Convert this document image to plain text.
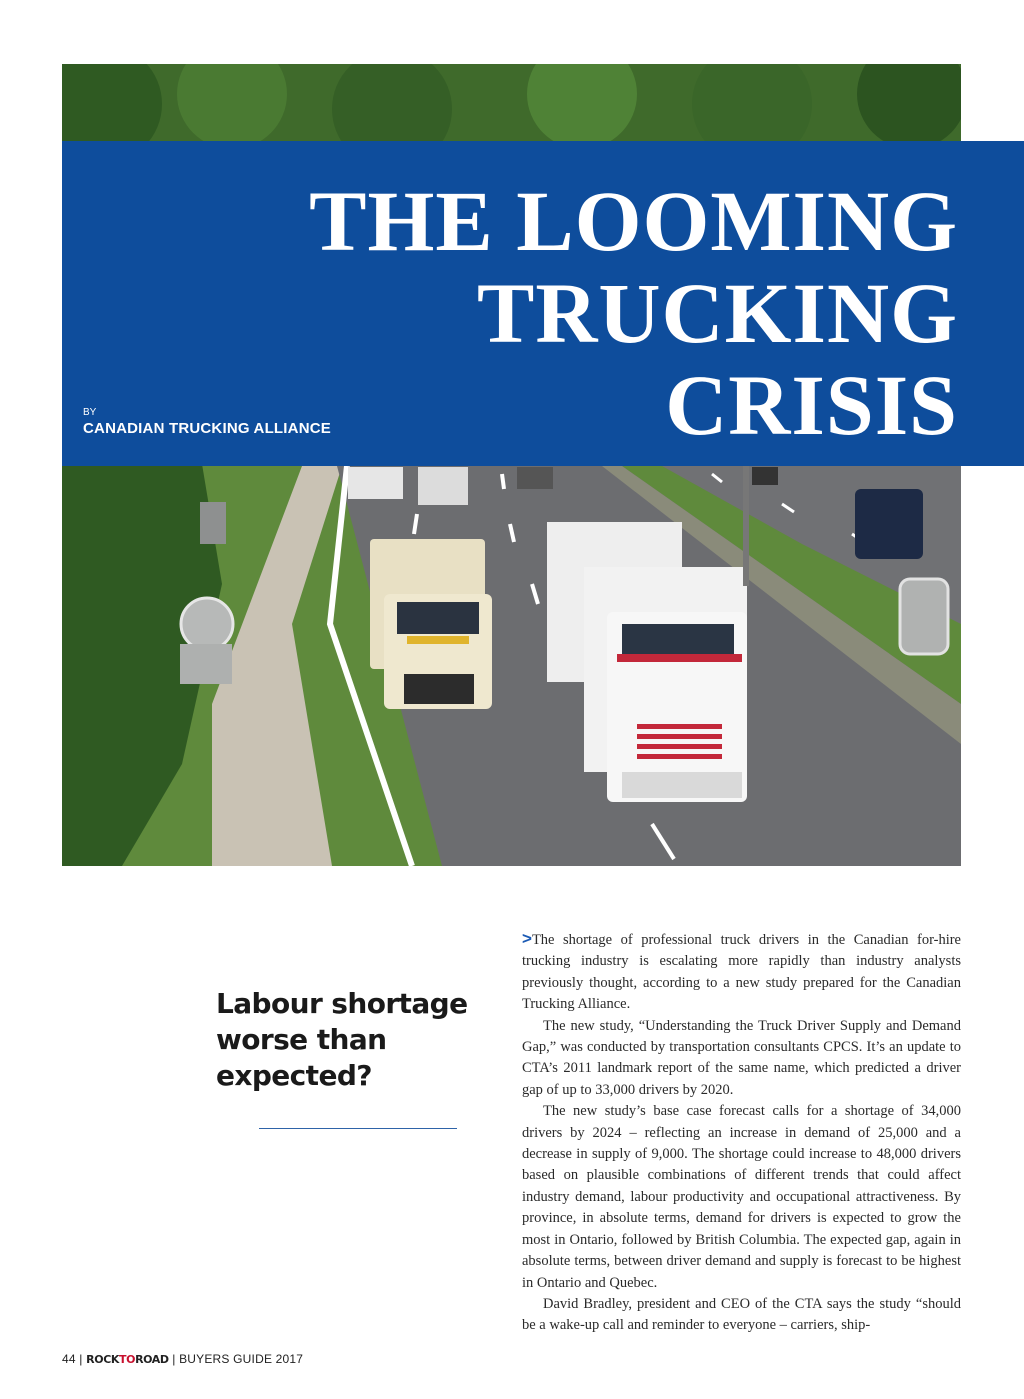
THE LOOMING
TRUCKING
CRISIS
BY
CANADIAN TRUCKING ALLIANCE
Labour shortage worse than expected?

>The shortage of professional truck drivers in the Canadian for-hire trucking industry is escalating more rapidly than industry analysts previously thought, according to a new study prepared for the Canadian Trucking Alliance.

The new study, “Understanding the Truck Driver Supply and Demand Gap,” was conducted by transportation consultants CPCS. It’s an update to CTA’s 2011 landmark report of the same name, which predicted a driver gap of up to 33,000 drivers by 2020.

The new study’s base case forecast calls for a shortage of 34,000 drivers by 2024 – reflecting an increase in demand of 25,000 and a decrease in supply of 9,000. The shortage could increase to 48,000 drivers based on plausible combinations of different trends that could affect industry demand, labour productivity and occupational attractiveness. By province, in absolute terms, demand for drivers is expected to grow the most in Ontario, followed by British Columbia. The expected gap, again in absolute terms, between driver demand and supply is forecast to be highest in Ontario and Quebec.

David Bradley, president and CEO of the CTA says the study “should be a wake-up call and reminder to everyone – carriers, ship-

44 | ROCKTOROAD | BUYERS GUIDE 2017
